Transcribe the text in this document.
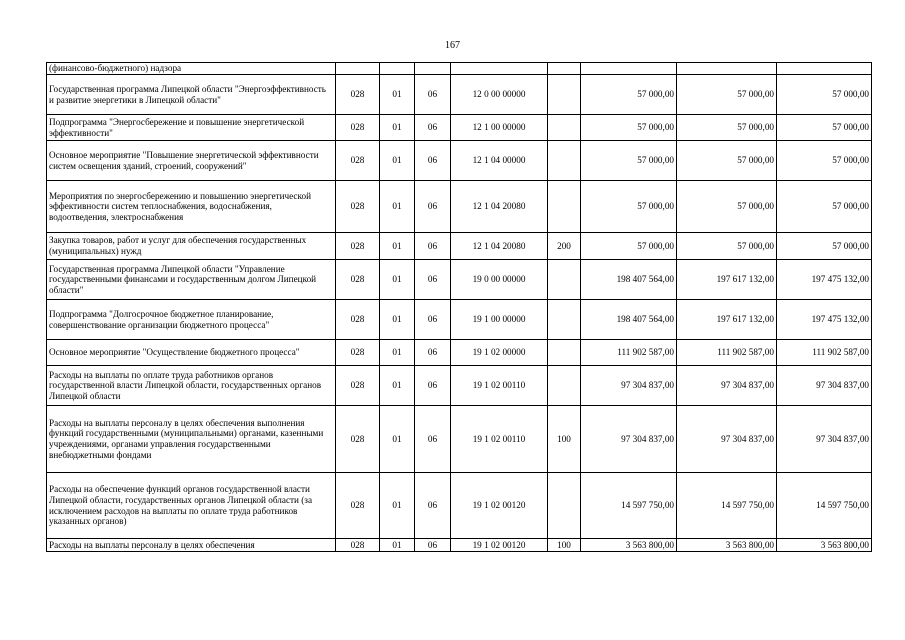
167
(финансово-бюджетного) надзора								
Государственная программа Липецкой области "Энергоэффективность и развитие энергетики в Липецкой области"	028	01	06	12 0 00 00000		57 000,00	57 000,00	57 000,00
Подпрограмма "Энергосбережение и повышение энергетической эффективности"	028	01	06	12 1 00 00000		57 000,00	57 000,00	57 000,00
Основное мероприятие "Повышение энергетической эффективности систем освещения зданий, строений, сооружений"	028	01	06	12 1 04 00000		57 000,00	57 000,00	57 000,00
Мероприятия по энергосбережению и повышению энергетической эффективности систем теплоснабжения, водоснабжения, водоотведения, электроснабжения	028	01	06	12 1 04 20080		57 000,00	57 000,00	57 000,00
Закупка товаров, работ и услуг для обеспечения государственных (муниципальных) нужд	028	01	06	12 1 04 20080	200	57 000,00	57 000,00	57 000,00
Государственная программа Липецкой области "Управление государственными финансами и государственным долгом Липецкой области"	028	01	06	19 0 00 00000		198 407 564,00	197 617 132,00	197 475 132,00
Подпрограмма "Долгосрочное бюджетное планирование, совершенствование организации бюджетного процесса"	028	01	06	19 1 00 00000		198 407 564,00	197 617 132,00	197 475 132,00
Основное мероприятие "Осуществление бюджетного процесса"	028	01	06	19 1 02 00000		111 902 587,00	111 902 587,00	111 902 587,00
Расходы на выплаты по оплате труда работников органов государственной власти Липецкой области, государственных органов Липецкой области	028	01	06	19 1 02 00110		97 304 837,00	97 304 837,00	97 304 837,00
Расходы на выплаты персоналу в целях обеспечения выполнения функций государственными (муниципальными) органами, казенными учреждениями, органами управления государственными внебюджетными фондами	028	01	06	19 1 02 00110	100	97 304 837,00	97 304 837,00	97 304 837,00
Расходы на обеспечение функций органов государственной власти Липецкой области, государственных органов Липецкой области (за исключением расходов на выплаты по оплате труда работников указанных органов)	028	01	06	19 1 02 00120		14 597 750,00	14 597 750,00	14 597 750,00
Расходы на выплаты персоналу в целях обеспечения	028	01	06	19 1 02 00120	100	3 563 800,00	3 563 800,00	3 563 800,00
